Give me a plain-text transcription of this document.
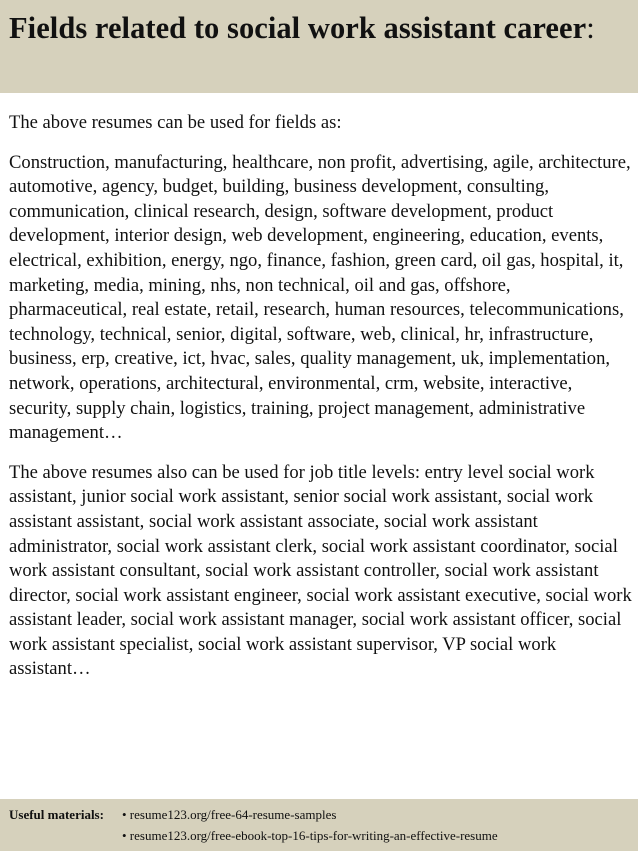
Fields related to social work assistant career:

The above resumes can be used for fields as:

Construction, manufacturing, healthcare, non profit, advertising, agile, architecture, automotive, agency, budget, building, business development, consulting, communication, clinical research, design, software development, product development, interior design, web development, engineering, education, events, electrical, exhibition, energy, ngo, finance, fashion, green card, oil gas, hospital, it, marketing, media, mining, nhs, non technical, oil and gas, offshore, pharmaceutical, real estate, retail, research, human resources, telecommunications, technology, technical, senior, digital, software, web, clinical, hr, infrastructure, business, erp, creative, ict, hvac, sales, quality management, uk, implementation, network, operations, architectural, environmental, crm, website, interactive, security, supply chain, logistics, training, project management, administrative management…

The above resumes also can be used for job title levels: entry level social work assistant, junior social work assistant, senior social work assistant, social work assistant assistant, social work assistant associate, social work assistant administrator, social work assistant clerk, social work assistant coordinator, social work assistant consultant, social work assistant controller, social work assistant director, social work assistant engineer, social work assistant executive, social work assistant leader, social work assistant manager, social work assistant officer, social work assistant specialist, social work assistant supervisor, VP social work assistant…

Useful materials: • resume123.org/free-64-resume-samples
• resume123.org/free-ebook-top-16-tips-for-writing-an-effective-resume
